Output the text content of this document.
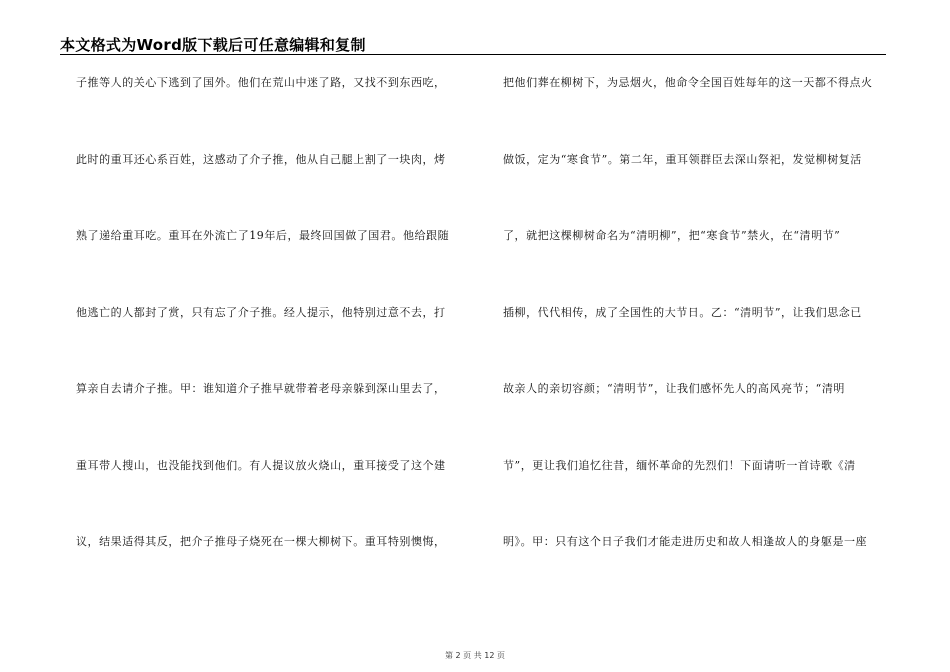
本文格式为Word版下载后可任意编辑和复制
子推等人的关心下逃到了国外。他们在荒山中迷了路，又找不到东西吃，
此时的重耳还心系百姓，这感动了介子推，他从自己腿上割了一块肉，烤
熟了递给重耳吃。重耳在外流亡了19年后，最终回国做了国君。他给跟随
他逃亡的人都封了赏，只有忘了介子推。经人提示，他特别过意不去，打
算亲自去请介子推。甲：谁知道介子推早就带着老母亲躲到深山里去了，
重耳带人搜山，也没能找到他们。有人提议放火烧山，重耳接受了这个建
议，结果适得其反，把介子推母子烧死在一棵大柳树下。重耳特别懊悔，
把他们葬在柳树下，为忌烟火，他命令全国百姓每年的这一天都不得点火
做饭，定为“寒食节”。第二年，重耳领群臣去深山祭祀，发觉柳树复活
了，就把这棵柳树命名为“清明柳”，把“寒食节”禁火，在“清明节”
插柳，代代相传，成了全国性的大节日。乙：“清明节”，让我们思念已
故亲人的亲切容颜；“清明节”，让我们感怀先人的高风亮节；“清明
节”，更让我们追忆往昔，缅怀革命的先烈们！下面请听一首诗歌《清
明》。甲：只有这个日子我们才能走进历史和故人相逢故人的身躯是一座
第 2 页 共 12 页
